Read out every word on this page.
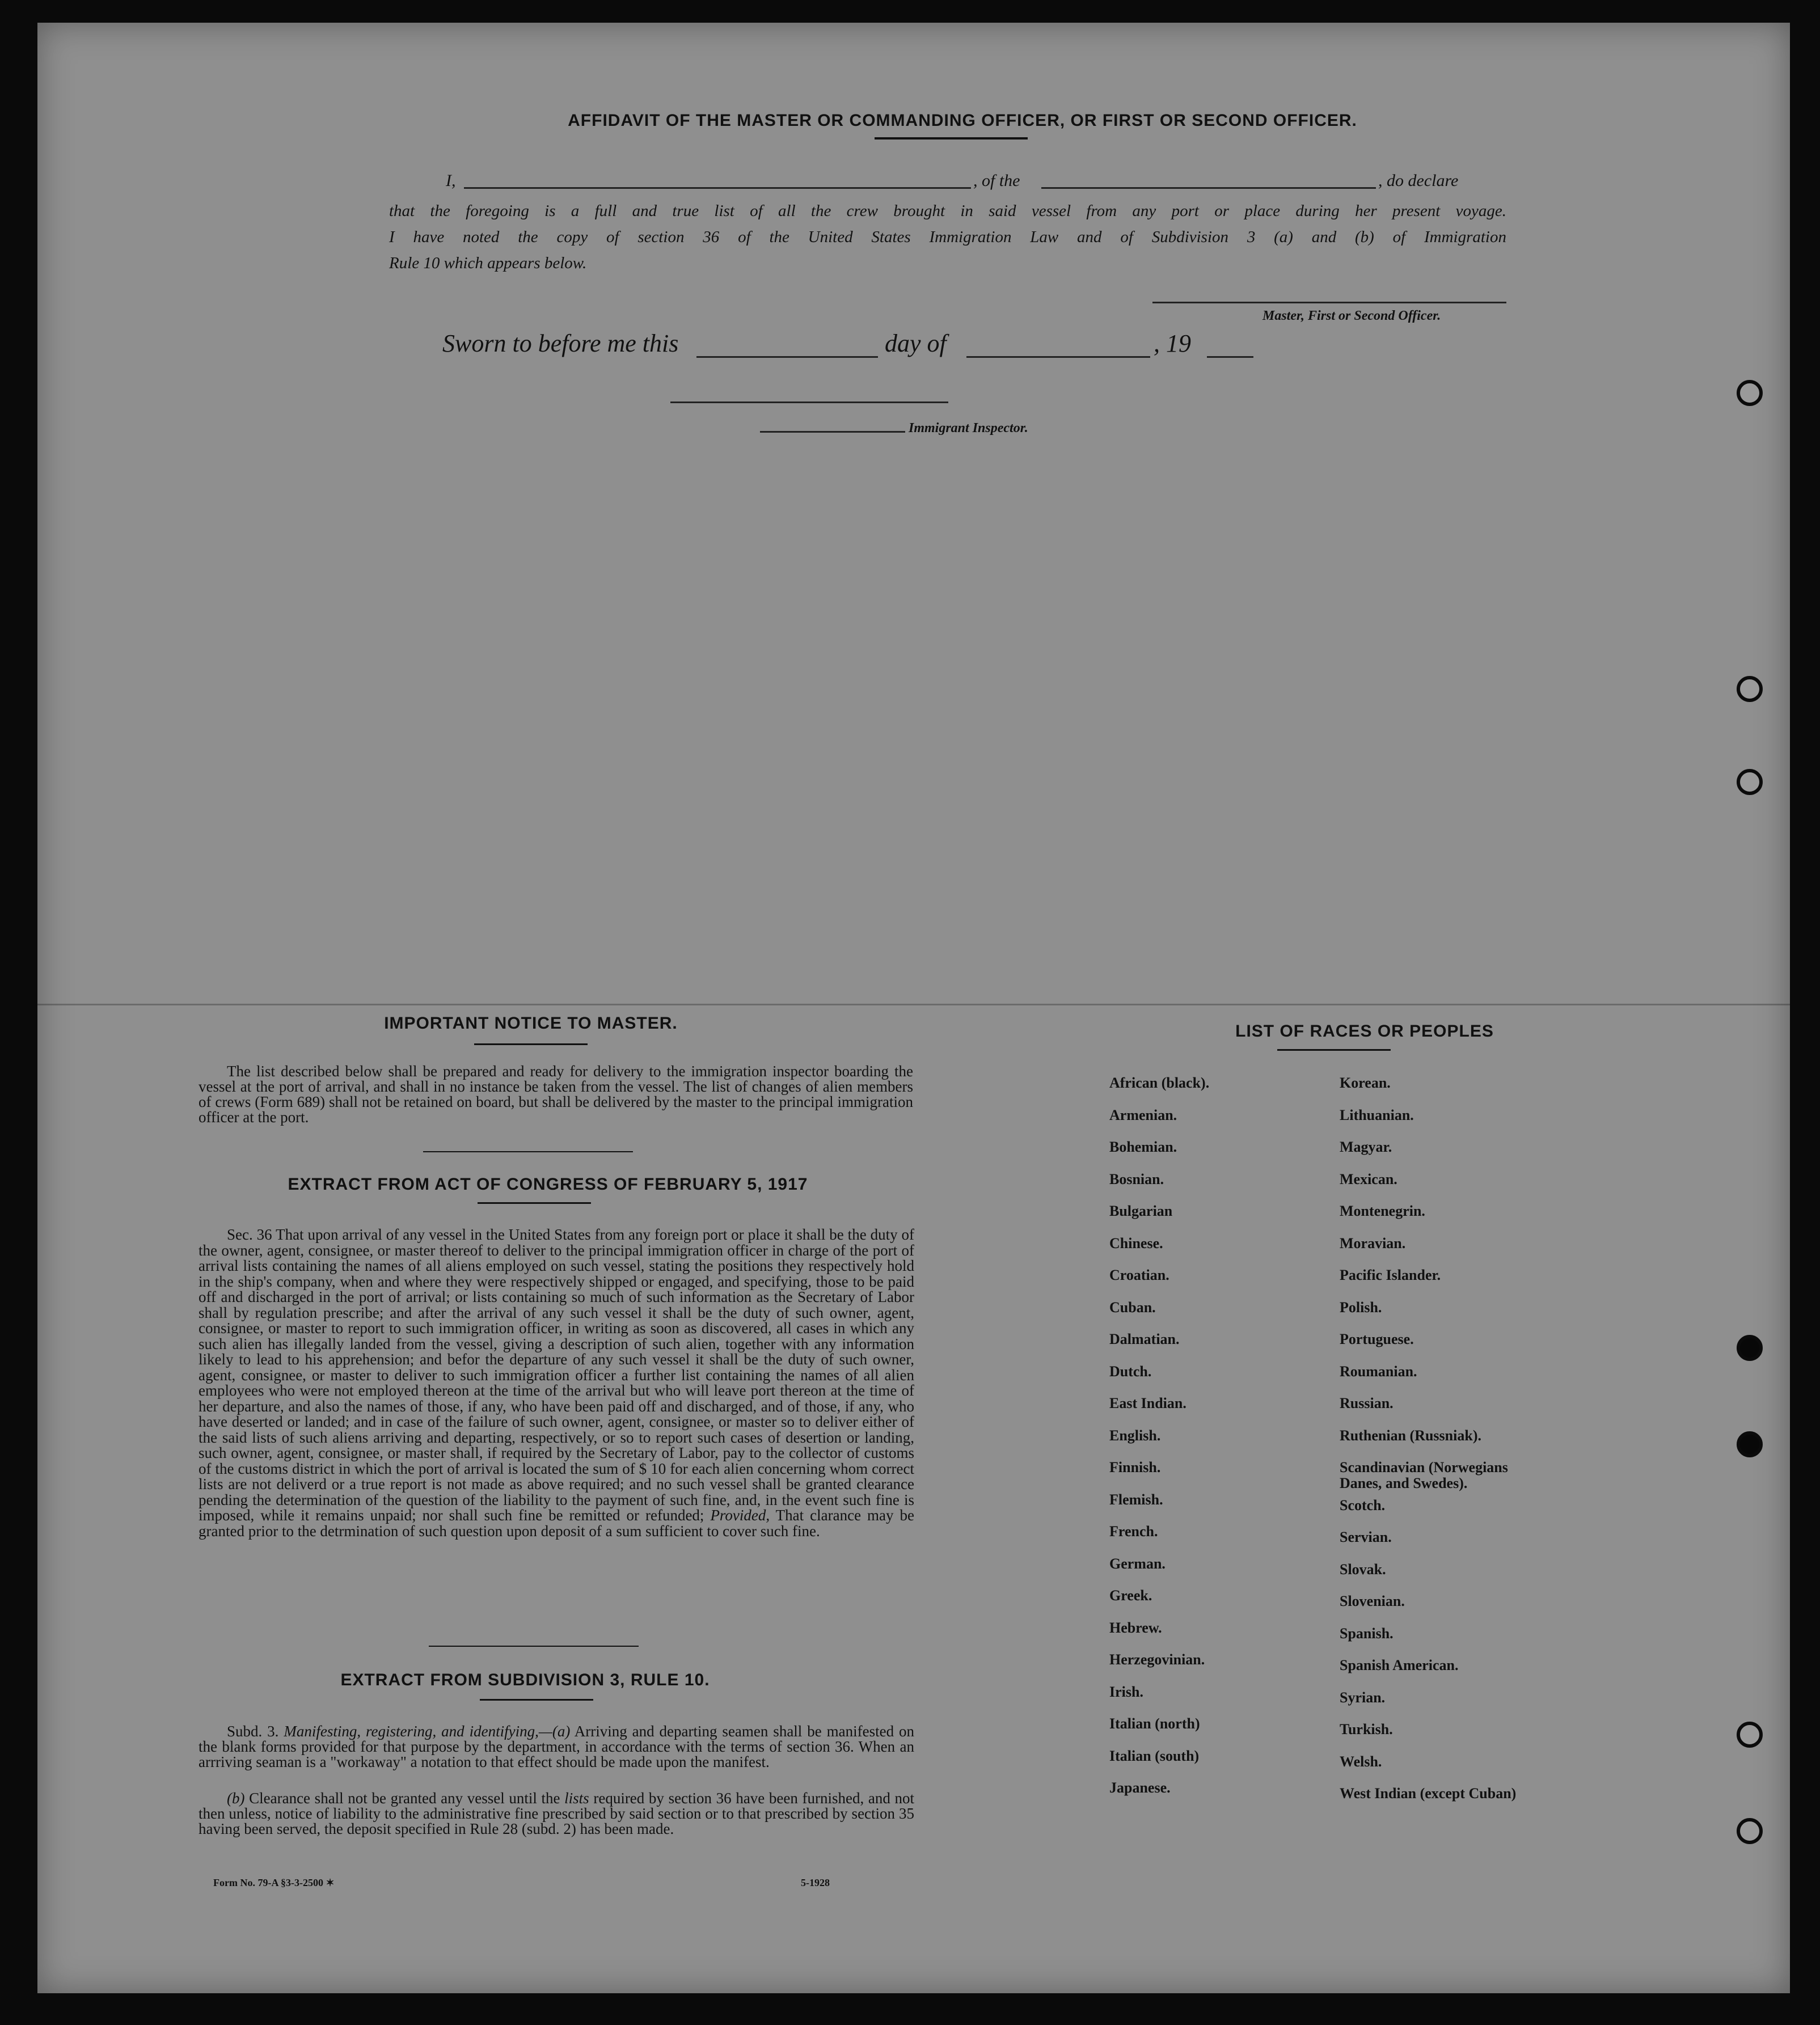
AFFIDAVIT OF THE MASTER OR COMMANDING OFFICER, OR FIRST OR SECOND OFFICER.
I,	, of the	, do declare
that the foregoing is a full and true list of all the crew brought in said vessel from any port or place during her present voyage.
I have noted the copy of section 36 of the United States Immigration Law and of Subdivision 3 (a) and (b) of Immigration
Rule 10 which appears below.
Master, First or Second Officer.
Sworn to before me this	day of	, 19
Immigrant Inspector.
IMPORTANT NOTICE TO MASTER.
The list described below shall be prepared and ready for delivery to the immigration inspector boarding the vessel at the port of arrival, and shall in no instance be taken from the vessel. The list of changes of alien members of crews (Form 689) shall not be retained on board, but shall be delivered by the master to the principal immigration officer at the port.
EXTRACT FROM ACT OF CONGRESS OF FEBRUARY 5, 1917
Sec. 36 That upon arrival of any vessel in the United States from any foreign port or place it shall be the duty of the owner, agent, consignee, or master thereof to deliver to the principal immigration officer in charge of the port of arrival lists containing the names of all aliens employed on such vessel, stating the positions they respectively hold in the ship's company, when and where they were respectively shipped or engaged, and specifying, those to be paid off and discharged in the port of arrival; or lists containing so much of such information as the Secretary of Labor shall by regulation prescribe; and after the arrival of any such vessel it shall be the duty of such owner, agent, consignee, or master to report to such immigration officer, in writing as soon as discovered, all cases in which any such alien has illegally landed from the vessel, giving a description of such alien, together with any information likely to lead to his apprehension; and befor the departure of any such vessel it shall be the duty of such owner, agent, consignee, or master to deliver to such immigration officer a further list containing the names of all alien employees who were not employed thereon at the time of the arrival but who will leave port thereon at the time of her departure, and also the names of those, if any, who have been paid off and discharged, and of those, if any, who have deserted or landed; and in case of the failure of such owner, agent, consignee, or master so to deliver either of the said lists of such aliens arriving and departing, respectively, or so to report such cases of desertion or landing, such owner, agent, consignee, or master shall, if required by the Secretary of Labor, pay to the collector of customs of the customs district in which the port of arrival is located the sum of $ 10 for each alien concerning whom correct lists are not deliverd or a true report is not made as above required; and no such vessel shall be granted clearance pending the determination of the question of the liability to the payment of such fine, and, in the event such fine is imposed, while it remains unpaid; nor shall such fine be remitted or refunded; Provided, That clarance may be granted prior to the detrmination of such question upon deposit of a sum sufficient to cover such fine.
EXTRACT FROM SUBDIVISION 3, RULE 10.
Subd. 3. Manifesting, registering, and identifying,—(a) Arriving and departing seamen shall be manifested on the blank forms provided for that purpose by the department, in accordance with the terms of section 36. When an arrriving seaman is a "workaway" a notation to that effect should be made upon the manifest.
(b) Clearance shall not be granted any vessel until the lists required by section 36 have been furnished, and not then unless, notice of liability to the administrative fine prescribed by said section or to that prescribed by section 35 having been served, the deposit specified in Rule 28 (subd. 2) has been made.
Form No. 79-A §3-3-2500 ✶	5-1928
LIST OF RACES OR PEOPLES
African (black).
Armenian.
Bohemian.
Bosnian.
Bulgarian
Chinese.
Croatian.
Cuban.
Dalmatian.
Dutch.
East Indian.
English.
Finnish.
Flemish.
French.
German.
Greek.
Hebrew.
Herzegovinian.
Irish.
Italian (north)
Italian (south)
Japanese.
Korean.
Lithuanian.
Magyar.
Mexican.
Montenegrin.
Moravian.
Pacific Islander.
Polish.
Portuguese.
Roumanian.
Russian.
Ruthenian (Russniak).
Scandinavian (Norwegians
Danes, and Swedes).
Scotch.
Servian.
Slovak.
Slovenian.
Spanish.
Spanish American.
Syrian.
Turkish.
Welsh.
West Indian (except Cuban)
